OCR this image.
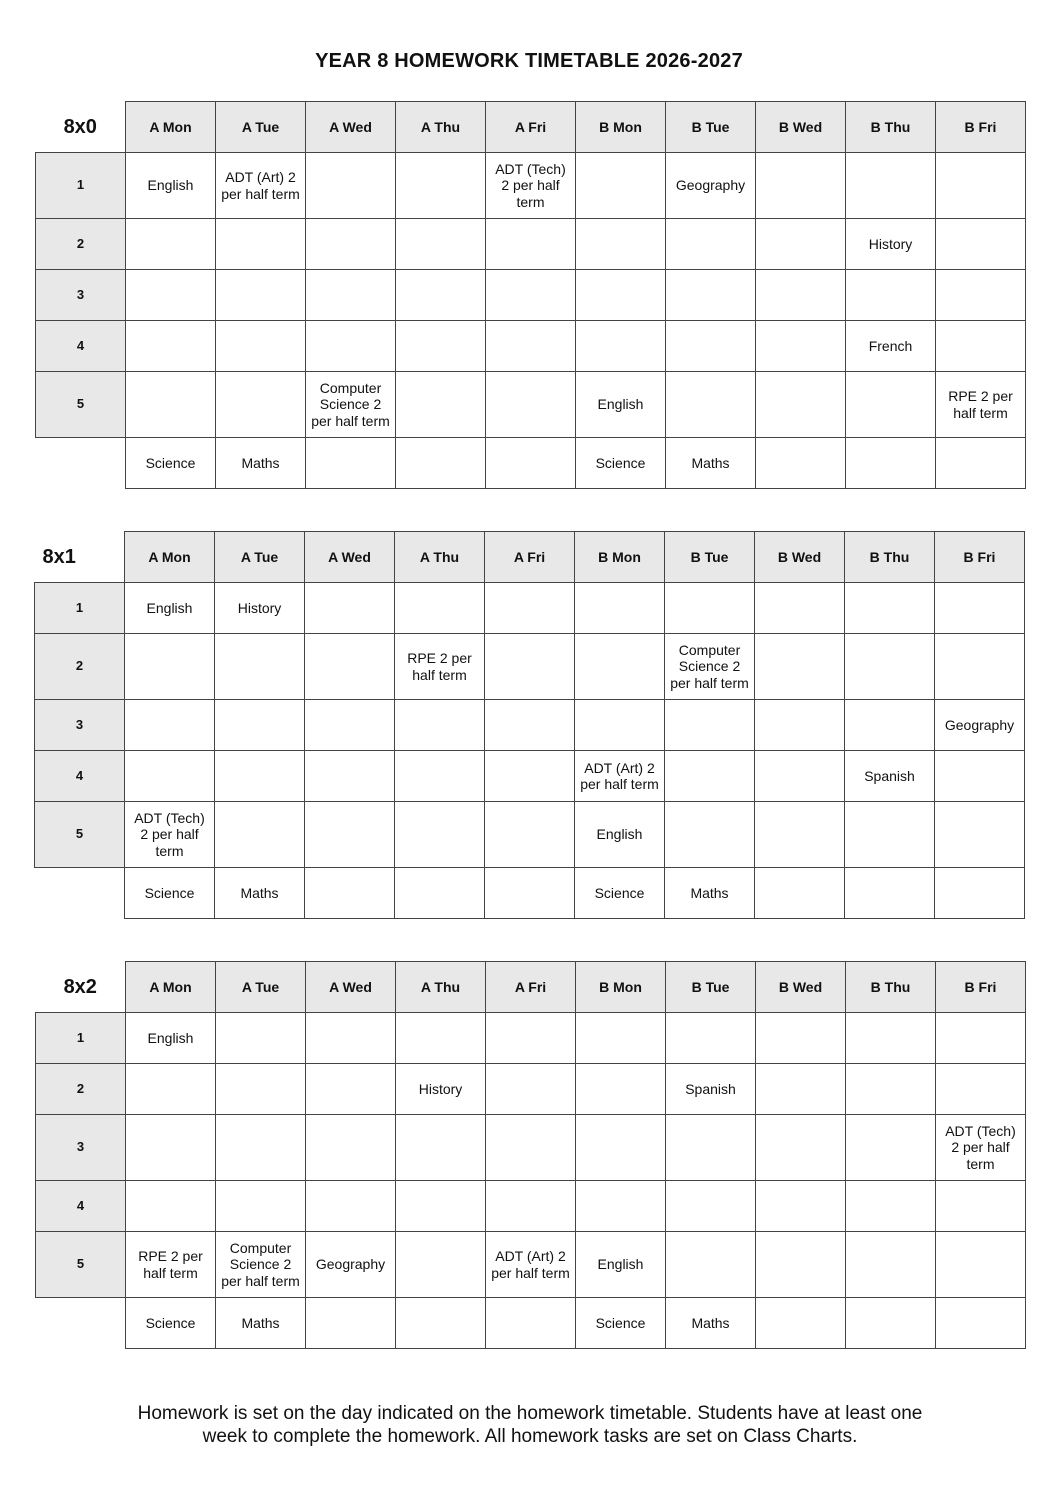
YEAR 8 HOMEWORK TIMETABLE 2026-2027
8x0	A Mon	A Tue	A Wed	A Thu	A Fri	B Mon	B Tue	B Wed	B Thu	B Fri
1	English	ADT (Art) 2 per half term			ADT (Tech) 2 per half term		Geography			
2									History	
3										
4									French	
5			Computer Science 2 per half term			English				RPE 2 per half term
	Science	Maths				Science	Maths			
8x1	A Mon	A Tue	A Wed	A Thu	A Fri	B Mon	B Tue	B Wed	B Thu	B Fri
1	English	History								
2				RPE 2 per half term			Computer Science 2 per half term			
3										Geography
4						ADT (Art) 2 per half term			Spanish	
5	ADT (Tech) 2 per half term					English				
	Science	Maths				Science	Maths			
8x2	A Mon	A Tue	A Wed	A Thu	A Fri	B Mon	B Tue	B Wed	B Thu	B Fri
1	English									
2				History			Spanish			
3										ADT (Tech) 2 per half term
4										
5	RPE 2 per half term	Computer Science 2 per half term	Geography		ADT (Art) 2 per half term	English				
	Science	Maths				Science	Maths			
Homework is set on the day indicated on the homework timetable. Students have at least one week to complete the homework. All homework tasks are set on Class Charts.
